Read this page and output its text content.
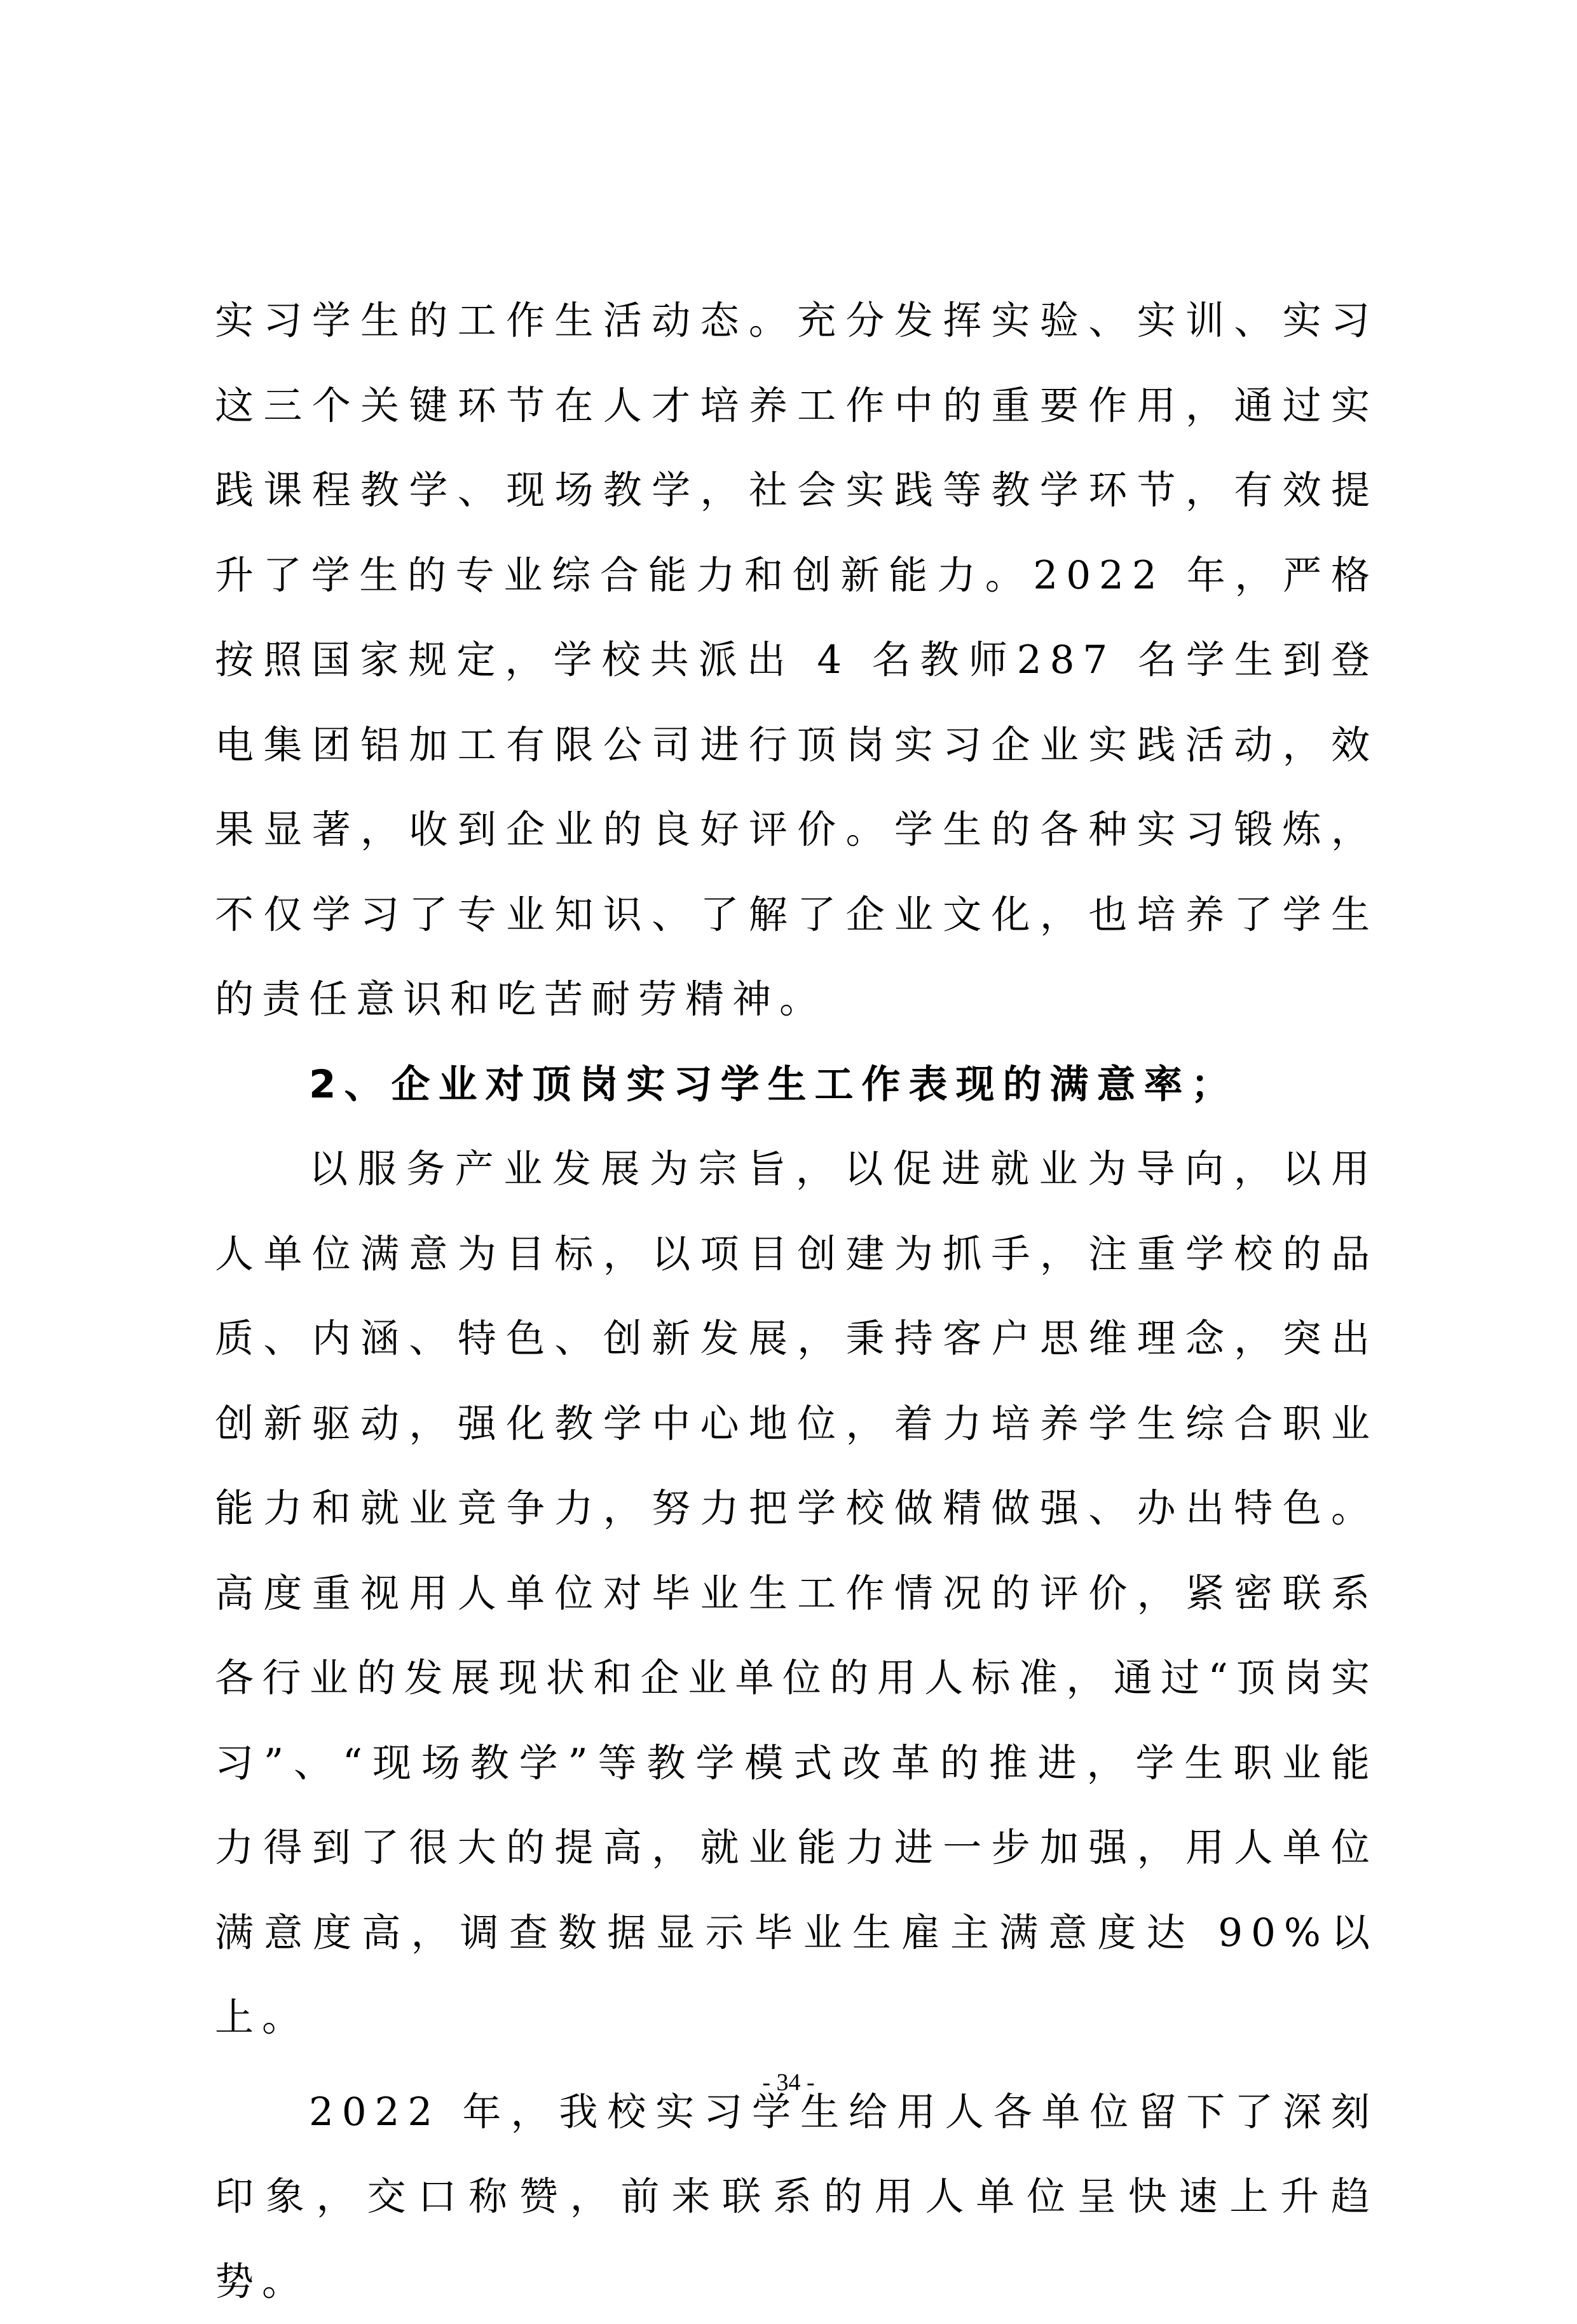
实习学生的工作生活动态。充分发挥实验、实训、实习这三个关键环节在人才培养工作中的重要作用，通过实践课程教学、现场教学，社会实践等教学环节，有效提升了学生的专业综合能力和创新能力。2022 年，严格按照国家规定，学校共派出 4 名教师287 名学生到登电集团铝加工有限公司进行顶岗实习企业实践活动，效果显著，收到企业的良好评价。学生的各种实习锻炼，不仅学习了专业知识、了解了企业文化，也培养了学生的责任意识和吃苦耐劳精神。

2、企业对顶岗实习学生工作表现的满意率；

以服务产业发展为宗旨，以促进就业为导向，以用人单位满意为目标，以项目创建为抓手，注重学校的品质、内涵、特色、创新发展，秉持客户思维理念，突出创新驱动，强化教学中心地位，着力培养学生综合职业能力和就业竞争力，努力把学校做精做强、办出特色。高度重视用人单位对毕业生工作情况的评价，紧密联系各行业的发展现状和企业单位的用人标准，通过“顶岗实习”、“现场教学”等教学模式改革的推进，学生职业能力得到了很大的提高，就业能力进一步加强，用人单位满意度高，调查数据显示毕业生雇主满意度达 90%以上。

2022 年，我校实习学生给用人各单位留下了深刻印象，交口称赞，前来联系的用人单位呈快速上升趋势。

- 34 -
